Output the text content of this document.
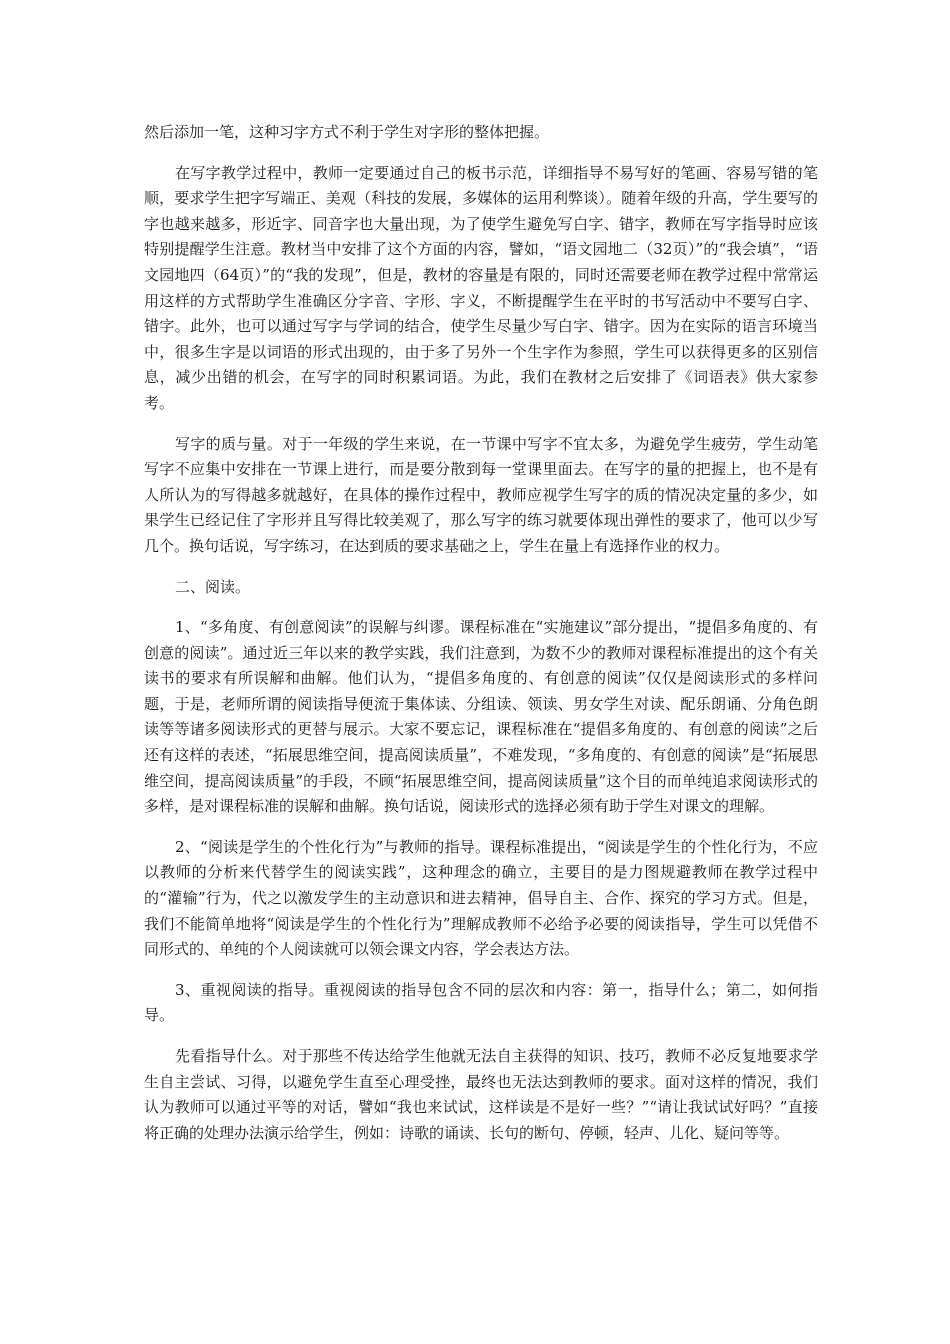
然后添加一笔，这种习字方式不利于学生对字形的整体把握。

在写字教学过程中，教师一定要通过自己的板书示范，详细指导不易写好的笔画、容易写错的笔顺，要求学生把字写端正、美观（科技的发展，多媒体的运用利弊谈）。随着年级的升高，学生要写的字也越来越多，形近字、同音字也大量出现，为了使学生避免写白字、错字，教师在写字指导时应该特别提醒学生注意。教材当中安排了这个方面的内容，譬如，“语文园地二（32页）”的“我会填”，“语文园地四（64页）”的“我的发现”，但是，教材的容量是有限的，同时还需要老师在教学过程中常常运用这样的方式帮助学生准确区分字音、字形、字义，不断提醒学生在平时的书写活动中不要写白字、错字。此外，也可以通过写字与学词的结合，使学生尽量少写白字、错字。因为在实际的语言环境当中，很多生字是以词语的形式出现的，由于多了另外一个生字作为参照，学生可以获得更多的区别信息，减少出错的机会，在写字的同时积累词语。为此，我们在教材之后安排了《词语表》供大家参考。

写字的质与量。对于一年级的学生来说，在一节课中写字不宜太多，为避免学生疲劳，学生动笔写字不应集中安排在一节课上进行，而是要分散到每一堂课里面去。在写字的量的把握上，也不是有人所认为的写得越多就越好，在具体的操作过程中，教师应视学生写字的质的情况决定量的多少，如果学生已经记住了字形并且写得比较美观了，那么写字的练习就要体现出弹性的要求了，他可以少写几个。换句话说，写字练习，在达到质的要求基础之上，学生在量上有选择作业的权力。

二、阅读。

1、“多角度、有创意阅读”的误解与纠谬。课程标准在“实施建议”部分提出，“提倡多角度的、有创意的阅读”。通过近三年以来的教学实践，我们注意到，为数不少的教师对课程标准提出的这个有关读书的要求有所误解和曲解。他们认为，“提倡多角度的、有创意的阅读”仅仅是阅读形式的多样问题，于是，老师所谓的阅读指导便流于集体读、分组读、领读、男女学生对读、配乐朗诵、分角色朗读等等诸多阅读形式的更替与展示。大家不要忘记，课程标准在“提倡多角度的、有创意的阅读”之后还有这样的表述，“拓展思维空间，提高阅读质量”，不难发现，“多角度的、有创意的阅读”是“拓展思维空间，提高阅读质量”的手段，不顾“拓展思维空间，提高阅读质量”这个目的而单纯追求阅读形式的多样，是对课程标准的误解和曲解。换句话说，阅读形式的选择必须有助于学生对课文的理解。

2、“阅读是学生的个性化行为”与教师的指导。课程标准提出，“阅读是学生的个性化行为，不应以教师的分析来代替学生的阅读实践”，这种理念的确立，主要目的是力图规避教师在教学过程中的“灌输”行为，代之以激发学生的主动意识和进去精神，倡导自主、合作、探究的学习方式。但是，我们不能简单地将“阅读是学生的个性化行为”理解成教师不必给予必要的阅读指导，学生可以凭借不同形式的、单纯的个人阅读就可以领会课文内容，学会表达方法。

3、重视阅读的指导。重视阅读的指导包含不同的层次和内容：第一，指导什么；第二，如何指导。

先看指导什么。对于那些不传达给学生他就无法自主获得的知识、技巧，教师不必反复地要求学生自主尝试、习得，以避免学生直至心理受挫，最终也无法达到教师的要求。面对这样的情况，我们认为教师可以通过平等的对话，譬如“我也来试试，这样读是不是好一些？”“请让我试试好吗？”直接将正确的处理办法演示给学生，例如：诗歌的诵读、长句的断句、停顿，轻声、儿化、疑问等等。
